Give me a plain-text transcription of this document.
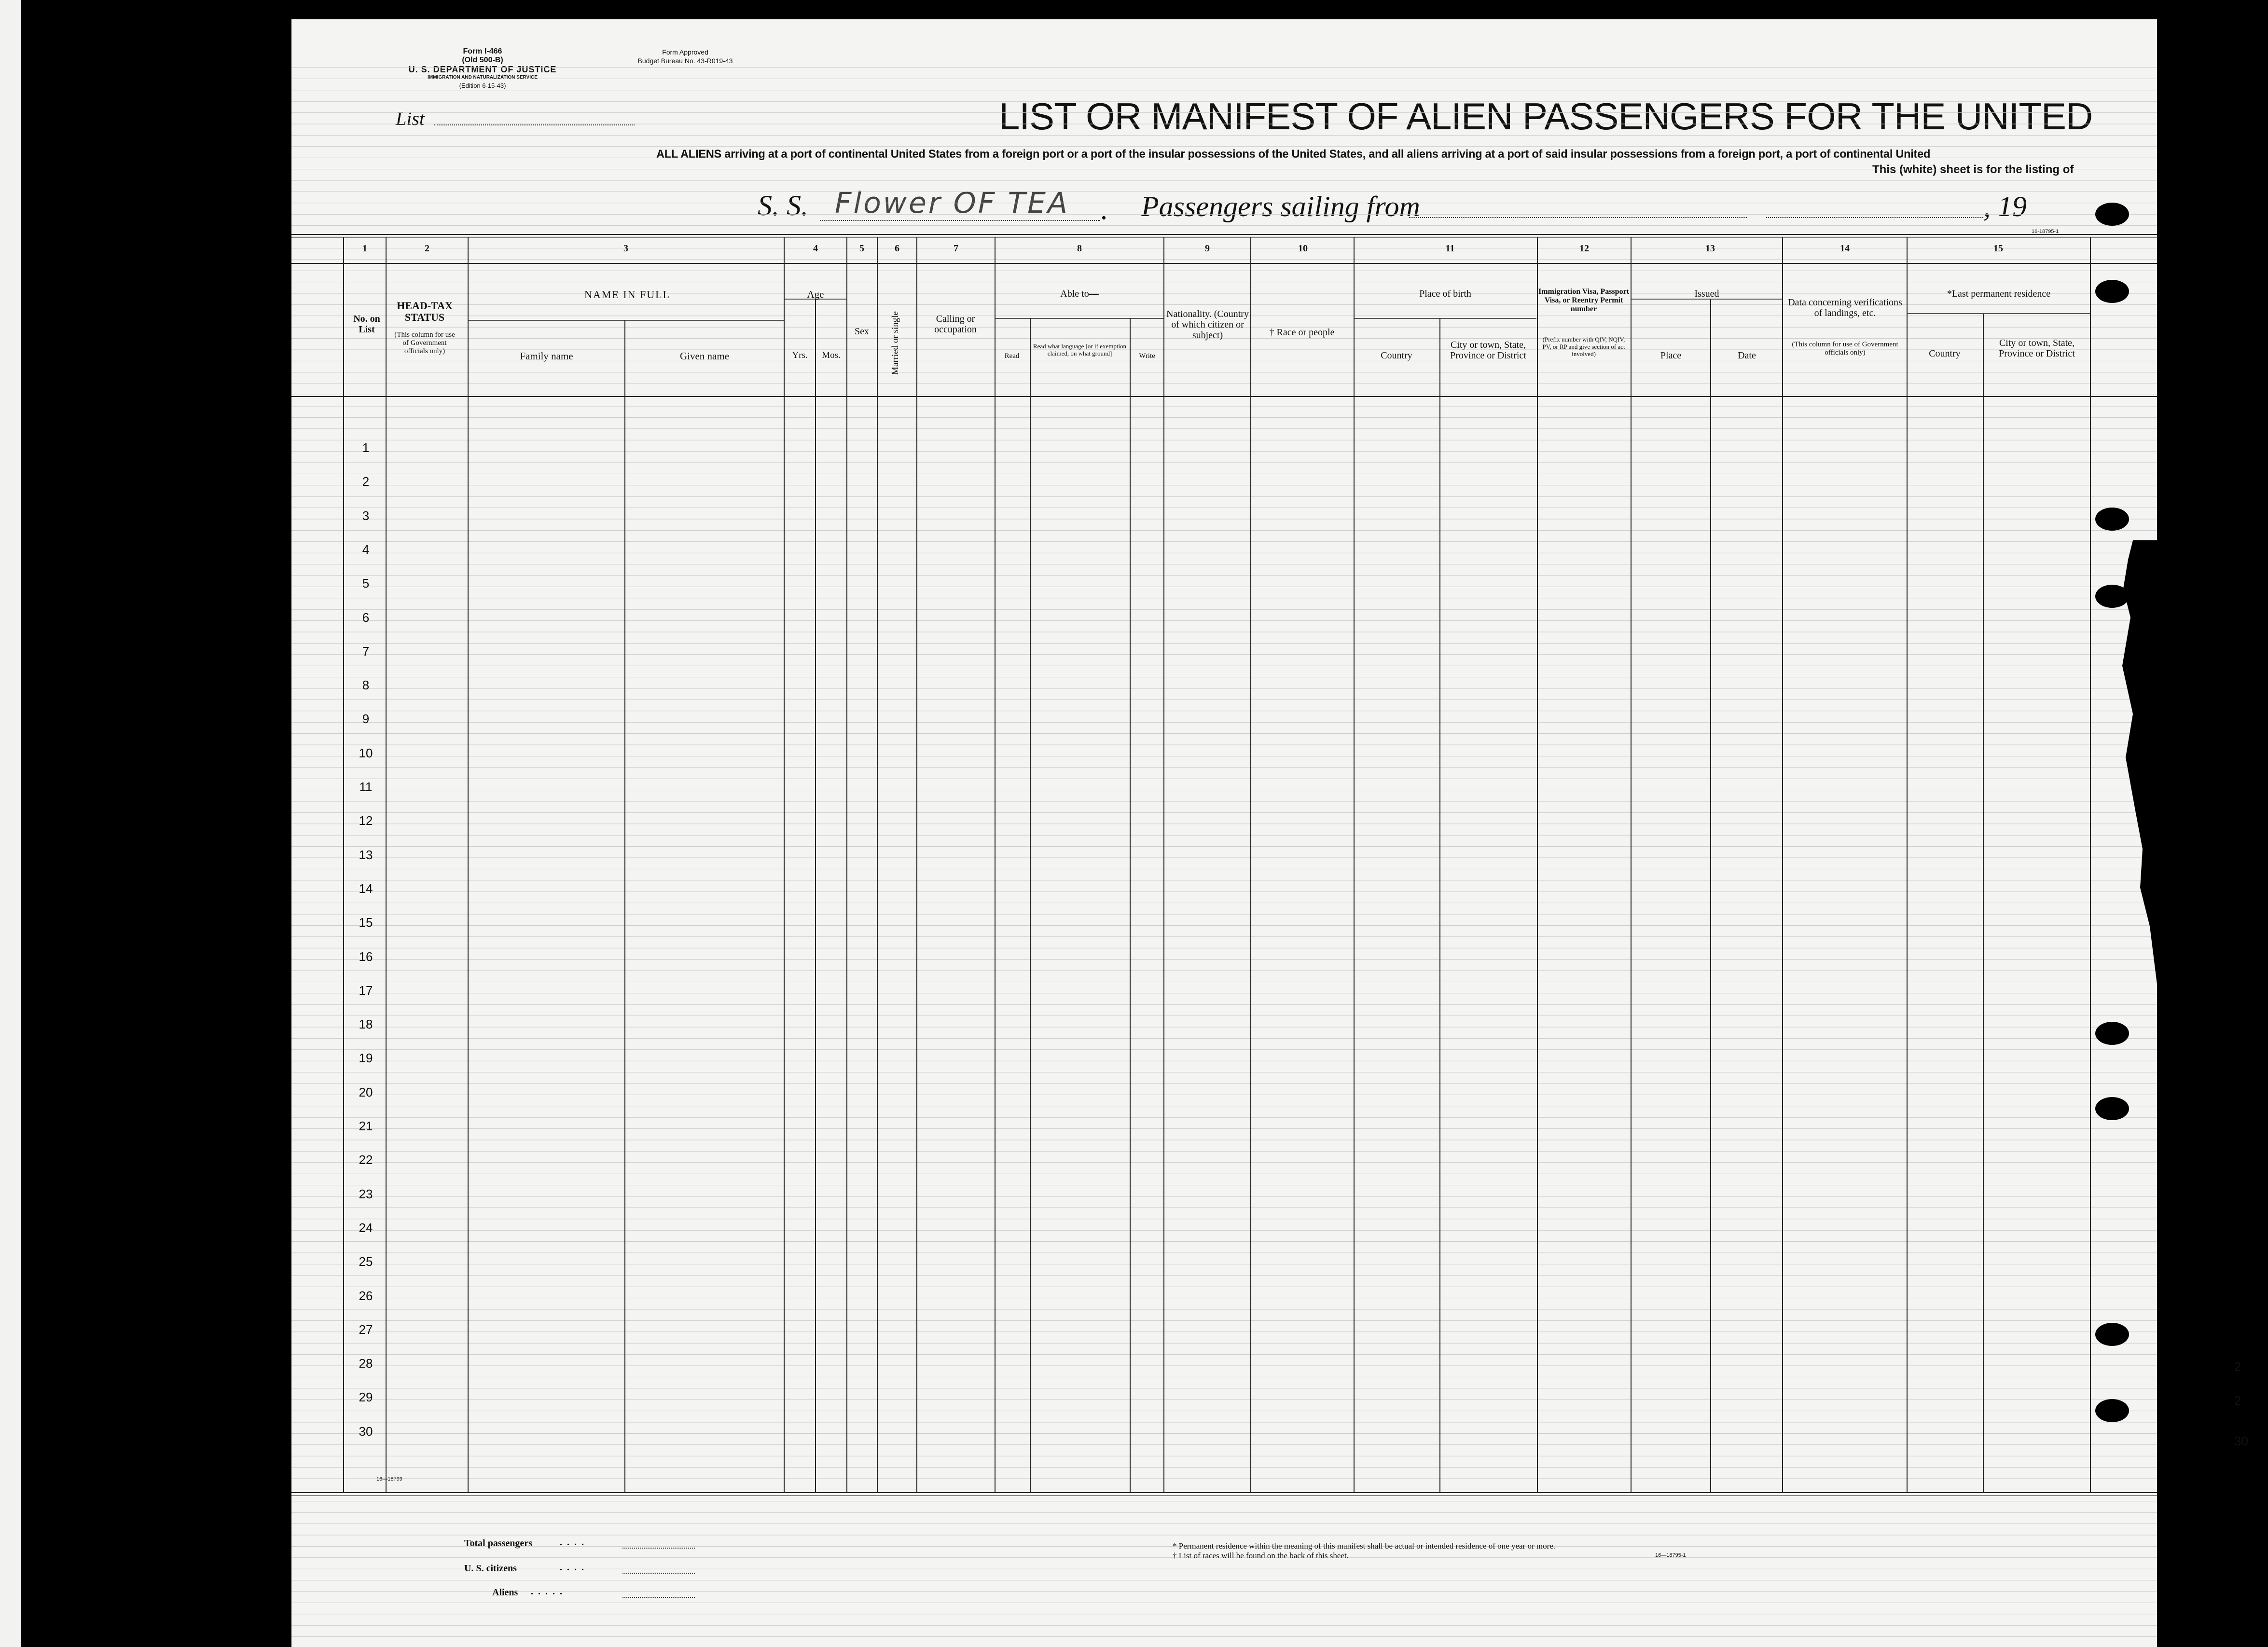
Form I-466
(Old 500-B)
U. S. DEPARTMENT OF JUSTICE
IMMIGRATION AND NATURALIZATION SERVICE
(Edition 6-15-43)
Form Approved
Budget Bureau No. 43-R019-43
List	LIST OR MANIFEST OF ALIEN PASSENGERS FOR THE UNITED
ALL ALIENS arriving at a port of continental United States from a foreign port or a port of the insular possessions of the United States, and all aliens arriving at a port of said insular possessions from a foreign port, a port of continental United
This (white) sheet is for the listing of
S. S. Flower OF TEA . Passengers sailing from	, 19
16-18795-1
1	2	3	4	5	6	7	8	9	10	11	12	13	14	15
No. on List
HEAD-TAX STATUS
(This column for use of Government officials only)
NAME IN FULL
Family name	Given name
Age
Yrs.	Mos.
Sex	Married or single	Calling or occupation
Able to—
Read
Read what language [or if exemption claimed, on what ground]	Write
Nationality. (Country of which citizen or subject)	† Race or people
Place of birth
Country
City or town, State, Province or District
Immigration Visa, Passport Visa, or Reentry Permit number
(Prefix number with QIV, NQIV, PV, or RP and give section of act involved)
Issued
Place	Date
Data concerning verifications of landings, etc.
(This column for use of Government officials only)
*Last permanent residence
Country
City or town, State, Province or District
1
2
3
4
5
6
7
8
9
10
11
12
13
14
15
16
17
18
19
20
21
22
23
24
25
26
27
28
29
30
2
2
30
16—18799
Total passengers	....
U. S. citizens	....
Aliens .....
* Permanent residence within the meaning of this manifest shall be actual or intended residence of one year or more.
† List of races will be found on the back of this sheet.	16—18795-1
